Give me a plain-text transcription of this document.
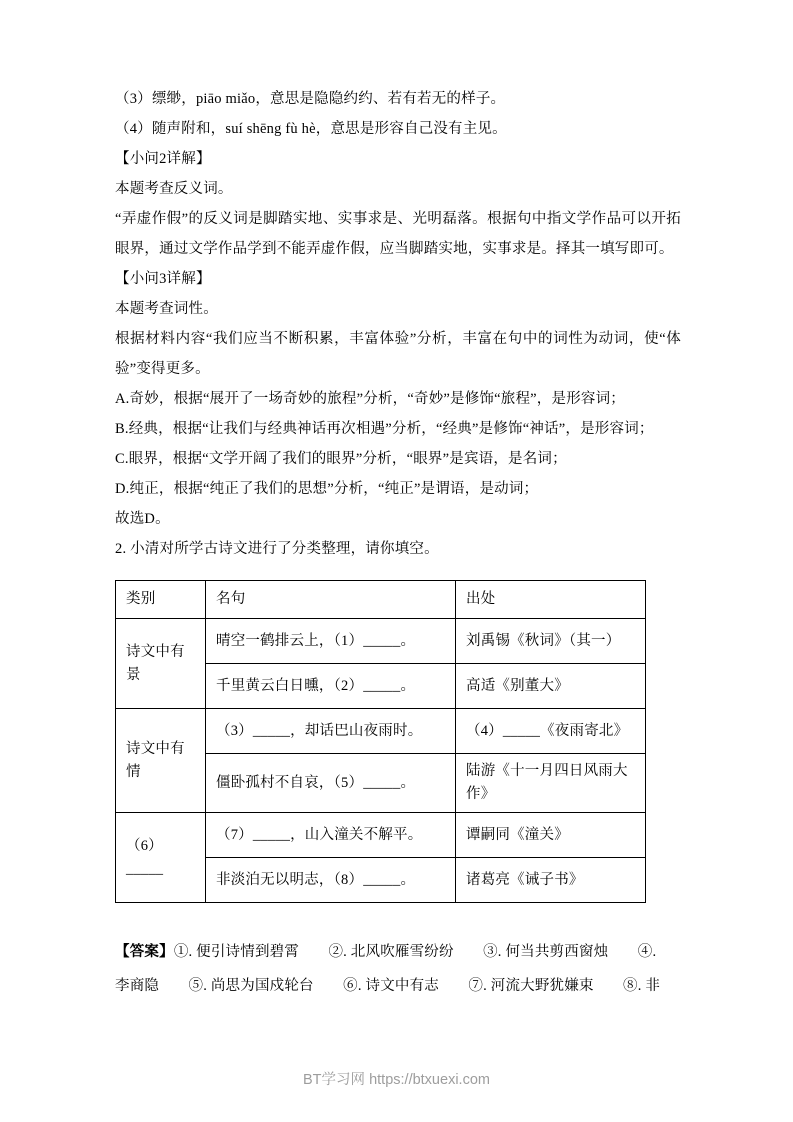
（3）缥缈，piāo miǎo，意思是隐隐约约、若有若无的样子。

（4）随声附和，suí shēng fù hè，意思是形容自己没有主见。

【小问2详解】

本题考查反义词。

“弄虚作假”的反义词是脚踏实地、实事求是、光明磊落。根据句中指文学作品可以开拓眼界，通过文学作品学到不能弄虚作假，应当脚踏实地，实事求是。择其一填写即可。

【小问3详解】

本题考查词性。

根据材料内容“我们应当不断积累，丰富体验”分析，丰富在句中的词性为动词，使“体验”变得更多。

A.奇妙，根据“展开了一场奇妙的旅程”分析，“奇妙”是修饰“旅程”，是形容词；

B.经典，根据“让我们与经典神话再次相遇”分析，“经典”是修饰“神话”，是形容词；

C.眼界，根据“文学开阔了我们的眼界”分析，“眼界”是宾语，是名词；

D.纯正，根据“纯正了我们的思想”分析，“纯正”是谓语，是动词；

故选D。

2. 小清对所学古诗文进行了分类整理，请你填空。

类别	名句	出处
诗文中有景	晴空一鹤排云上，（1）_____。	刘禹锡《秋词》（其一）
	千里黄云白日曛，（2）_____。	高适《别董大》
诗文中有情	（3）_____，却话巴山夜雨时。	（4）_____《夜雨寄北》
	僵卧孤村不自哀，（5）_____。	陆游《十一月四日风雨大作》
（6）_____	（7）_____，山入潼关不解平。	谭嗣同《潼关》
	非淡泊无以明志，（8）_____。	诸葛亮《诫子书》
【答案】①. 便引诗情到碧霄　　②. 北风吹雁雪纷纷　　③. 何当共剪西窗烛　　④.
李商隐　　⑤. 尚思为国戍轮台　　⑥. 诗文中有志　　⑦. 河流大野犹嫌束　　⑧. 非
BT学习网 https://btxuexi.com
